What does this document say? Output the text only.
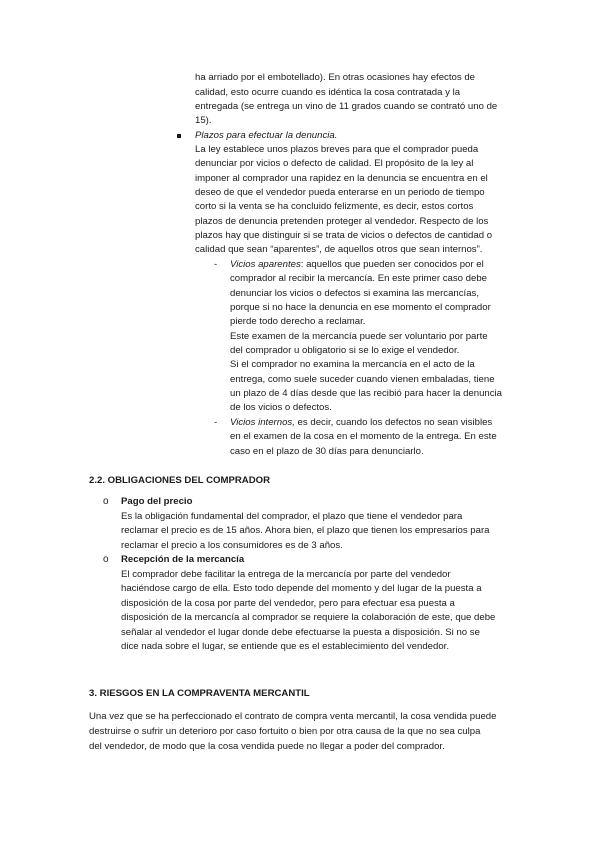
ha arriado por el embotellado). En otras ocasiones hay efectos de
calidad, esto ocurre cuando es idéntica la cosa contratada y la
entregada (se entrega un vino de 11 grados cuando se contrató uno de
15).
Plazos para efectuar la denuncia.
La ley establece unos plazos breves para que el comprador pueda
denunciar por vicios o defecto de calidad. El propósito de la ley al
imponer al comprador una rapidez en la denuncia se encuentra en el
deseo de que el vendedor pueda enterarse en un periodo de tiempo
corto si la venta se ha concluido felizmente, es decir, estos cortos
plazos de denuncia pretenden proteger al vendedor. Respecto de los
plazos hay que distinguir si se trata de vicios o defectos de cantidad o
calidad que sean “aparentes”, de aquellos otros que sean internos”.
- Vicios aparentes: aquellos que pueden ser conocidos por el
comprador al recibir la mercancía. En este primer caso debe
denunciar los vicios o defectos si examina las mercancías,
porque si no hace la denuncia en ese momento el comprador
pierde todo derecho a reclamar.
Este examen de la mercancía puede ser voluntario por parte
del comprador u obligatorio si se lo exige el vendedor.
Si el comprador no examina la mercancía en el acto de la
entrega, como suele suceder cuando vienen embaladas, tiene
un plazo de 4 días desde que las recibió para hacer la denuncia
de los vicios o defectos.
- Vicios internos, es decir, cuando los defectos no sean visibles
en el examen de la cosa en el momento de la entrega. En este
caso en el plazo de 30 días para denunciarlo.
2.2. OBLIGACIONES DEL COMPRADOR
o Pago del precio
Es la obligación fundamental del comprador, el plazo que tiene el vendedor para
reclamar el precio es de 15 años. Ahora bien, el plazo que tienen los empresarios para
reclamar el precio a los consumidores es de 3 años.
o Recepción de la mercancía
El comprador debe facilitar la entrega de la mercancía por parte del vendedor
haciéndose cargo de ella. Esto todo depende del momento y del lugar de la puesta a
disposición de la cosa por parte del vendedor, pero para efectuar esa puesta a
disposición de la mercancía al comprador se requiere la colaboración de este, que debe
señalar al vendedor el lugar donde debe efectuarse la puesta a disposición. Si no se
dice nada sobre el lugar, se entiende que es el establecimiento del vendedor.
3. RIESGOS EN LA COMPRAVENTA MERCANTIL
Una vez que se ha perfeccionado el contrato de compra venta mercantil, la cosa vendida puede
destruirse o sufrir un deterioro por caso fortuito o bien por otra causa de la que no sea culpa
del vendedor, de modo que la cosa vendida puede no llegar a poder del comprador.
